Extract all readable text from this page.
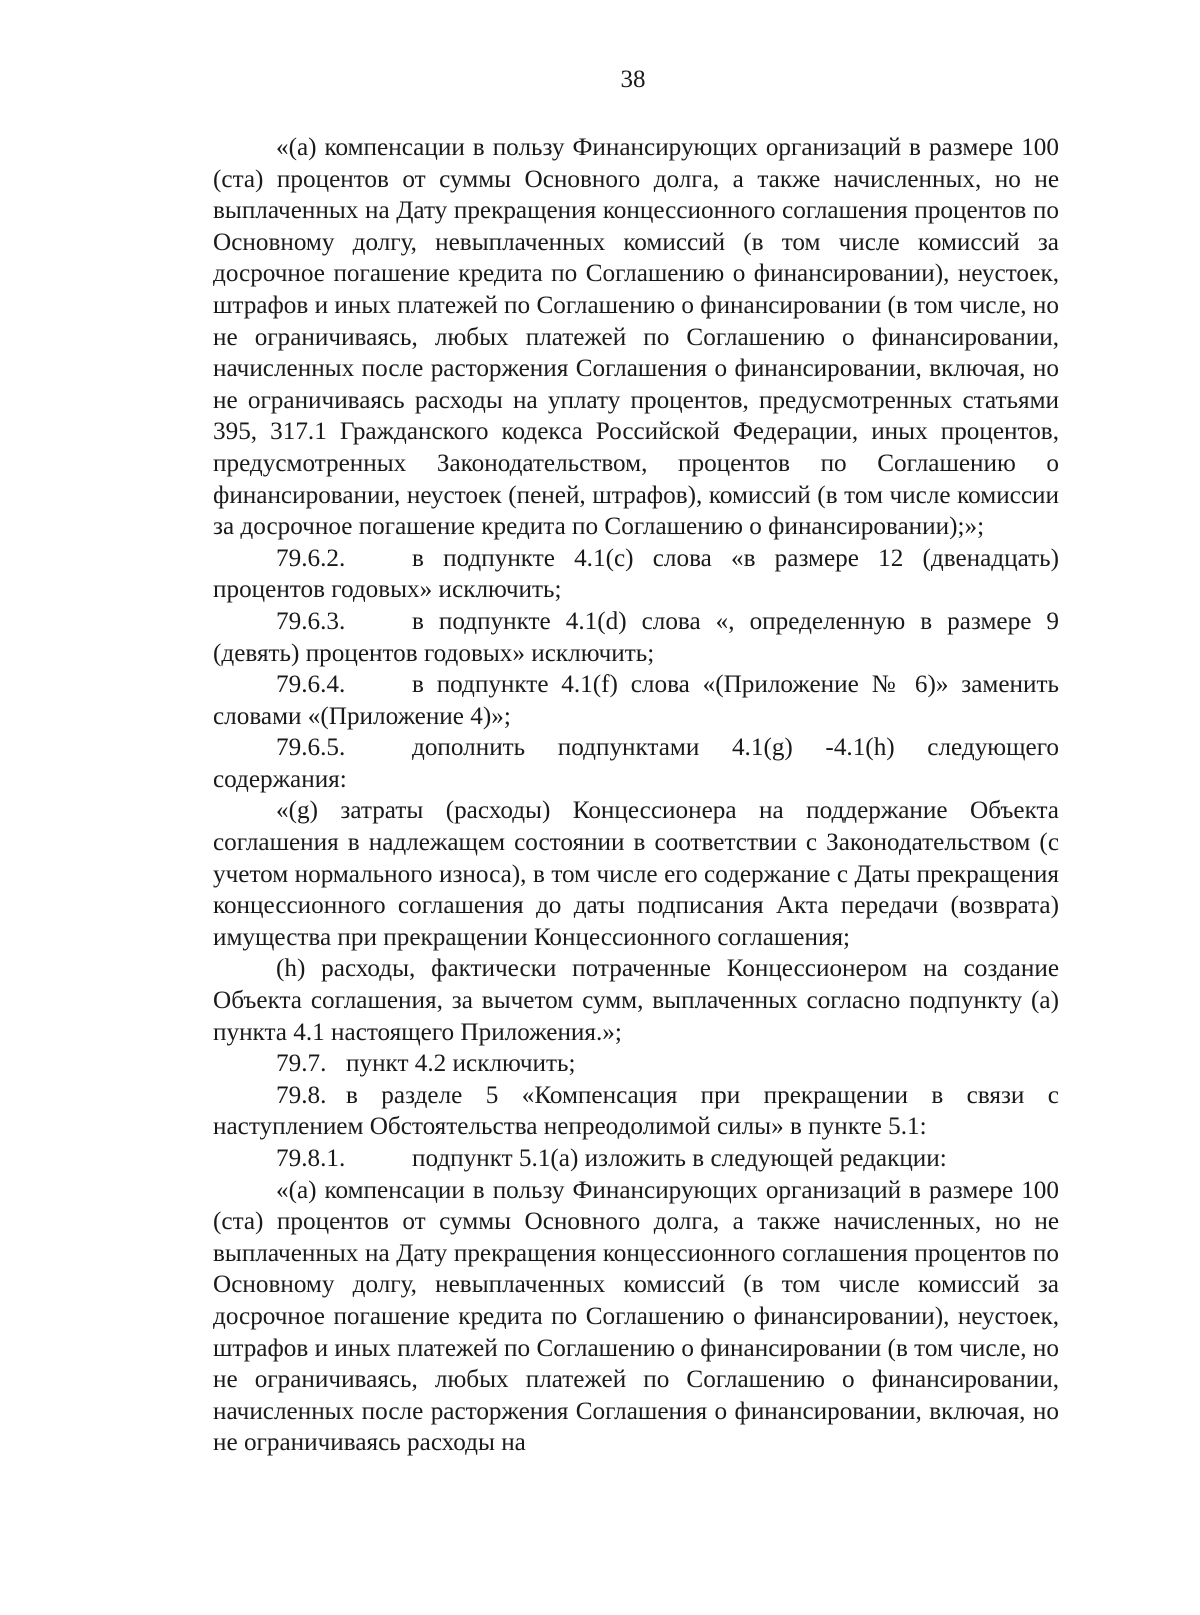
38

«(а) компенсации в пользу Финансирующих организаций в размере 100 (ста) процентов от суммы Основного долга, а также начисленных, но не выплаченных на Дату прекращения концессионного соглашения процентов по Основному долгу, невыплаченных комиссий (в том числе комиссий за досрочное погашение кредита по Соглашению о финансировании), неустоек, штрафов и иных платежей по Соглашению о финансировании (в том числе, но не ограничиваясь, любых платежей по Соглашению о финансировании, начисленных после расторжения Соглашения о финансировании, включая, но не ограничиваясь расходы на уплату процентов, предусмотренных статьями 395, 317.1 Гражданского кодекса Российской Федерации, иных процентов, предусмотренных Законодательством, процентов по Соглашению о финансировании, неустоек (пеней, штрафов), комиссий (в том числе комиссии за досрочное погашение кредита по Соглашению о финансировании);»;

79.6.2.	в подпункте 4.1(c) слова «в размере 12 (двенадцать) процентов годовых» исключить;

79.6.3.	в подпункте 4.1(d) слова «, определенную в размере 9 (девять) процентов годовых» исключить;

79.6.4.	в подпункте 4.1(f) слова «(Приложение № 6)» заменить словами «(Приложение 4)»;

79.6.5.	дополнить подпунктами 4.1(g) -4.1(h) следующего содержания:

«(g) затраты (расходы) Концессионера на поддержание Объекта соглашения в надлежащем состоянии в соответствии с Законодательством (с учетом нормального износа), в том числе его содержание с Даты прекращения концессионного соглашения до даты подписания Акта передачи (возврата) имущества при прекращении Концессионного соглашения;

(h) расходы, фактически потраченные Концессионером на создание Объекта соглашения, за вычетом сумм, выплаченных согласно подпункту (а) пункта 4.1 настоящего Приложения.»;

79.7. пункт 4.2 исключить;

79.8. в разделе 5 «Компенсация при прекращении в связи с наступлением Обстоятельства непреодолимой силы» в пункте 5.1:

79.8.1.	подпункт 5.1(а) изложить в следующей редакции:

«(а) компенсации в пользу Финансирующих организаций в размере 100 (ста) процентов от суммы Основного долга, а также начисленных, но не выплаченных на Дату прекращения концессионного соглашения процентов по Основному долгу, невыплаченных комиссий (в том числе комиссий за досрочное погашение кредита по Соглашению о финансировании), неустоек, штрафов и иных платежей по Соглашению о финансировании (в том числе, но не ограничиваясь, любых платежей по Соглашению о финансировании, начисленных после расторжения Соглашения о финансировании, включая, но не ограничиваясь расходы на
